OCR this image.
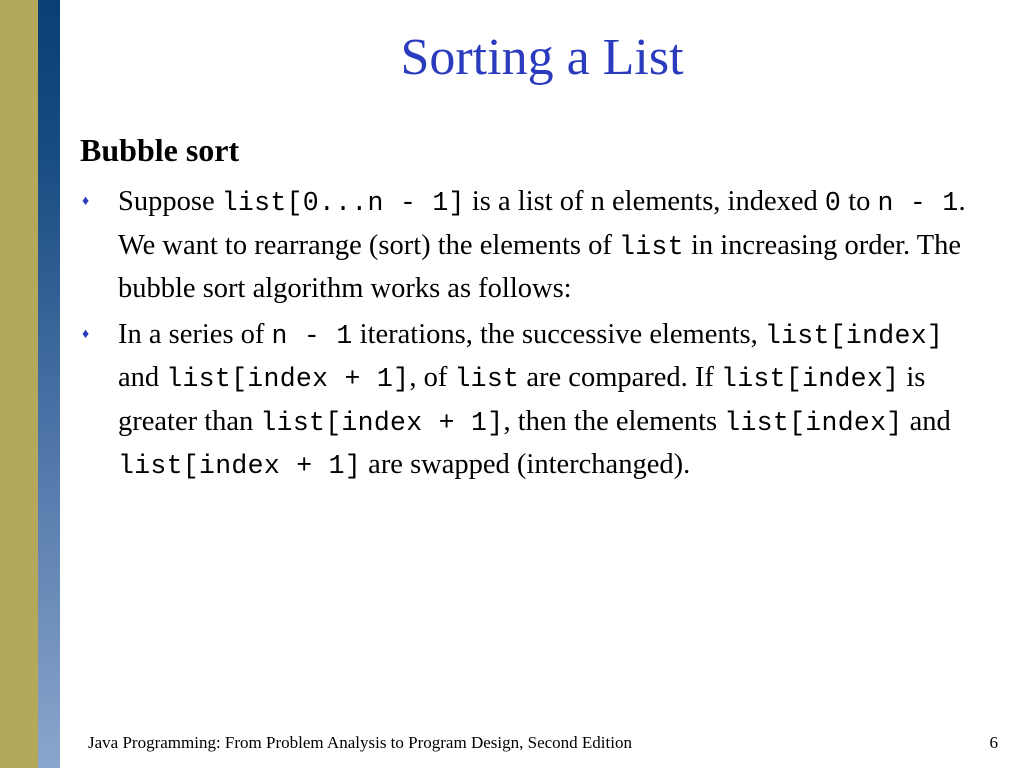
Sorting a List
Bubble sort
♦ Suppose list[0...n - 1] is a list of n elements, indexed 0 to n - 1. We want to rearrange (sort) the elements of list in increasing order. The bubble sort algorithm works as follows:
♦ In a series of n - 1 iterations, the successive elements, list[index] and list[index + 1], of list are compared. If list[index] is greater than list[index + 1], then the elements list[index] and list[index + 1] are swapped (interchanged).

Java Programming: From Problem Analysis to Program Design, Second Edition	6
